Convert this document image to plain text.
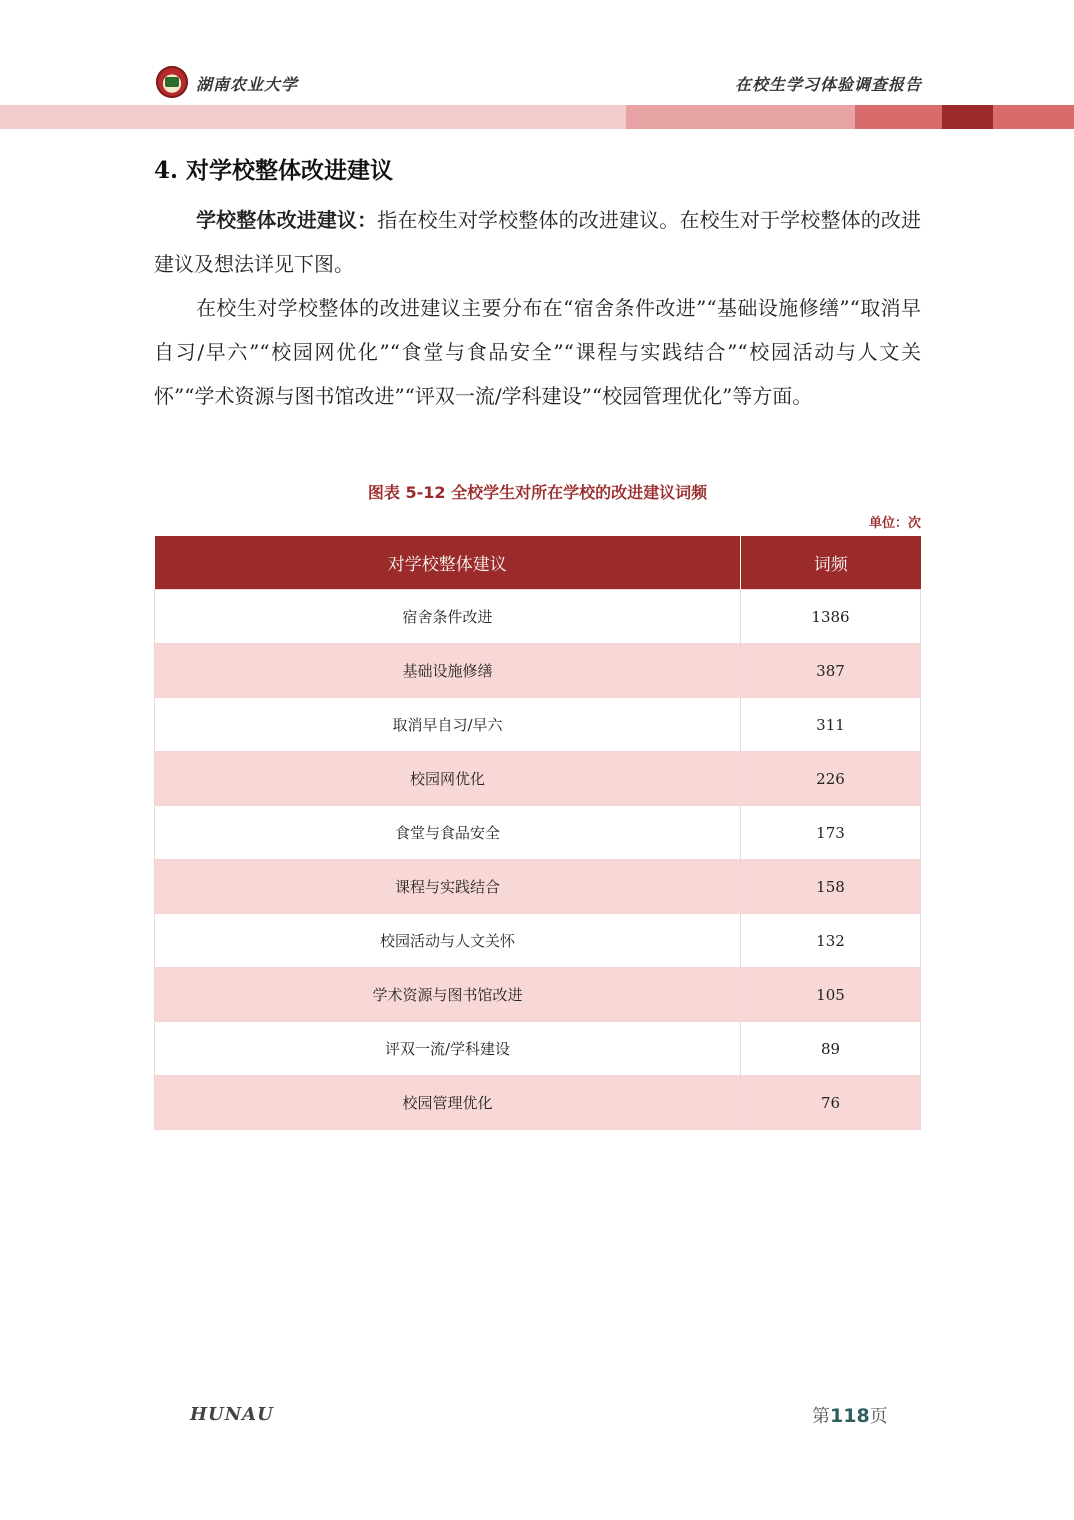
湖南农业大学	在校生学习体验调查报告
4. 对学校整体改进建议
学校整体改进建议：指在校生对学校整体的改进建议。在校生对于学校整体的改进建议及想法详见下图。
在校生对学校整体的改进建议主要分布在“宿舍条件改进”“基础设施修缮”“取消早自习/早六”“校园网优化”“食堂与食品安全”“课程与实践结合”“校园活动与人文关怀”“学术资源与图书馆改进”“评双一流/学科建设”“校园管理优化”等方面。
图表 5-12 全校学生对所在学校的改进建议词频
单位：次
对学校整体建议	词频
宿舍条件改进	1386
基础设施修缮	387
取消早自习/早六	311
校园网优化	226
食堂与食品安全	173
课程与实践结合	158
校园活动与人文关怀	132
学术资源与图书馆改进	105
评双一流/学科建设	89
校园管理优化	76
HUNAU	第118页
